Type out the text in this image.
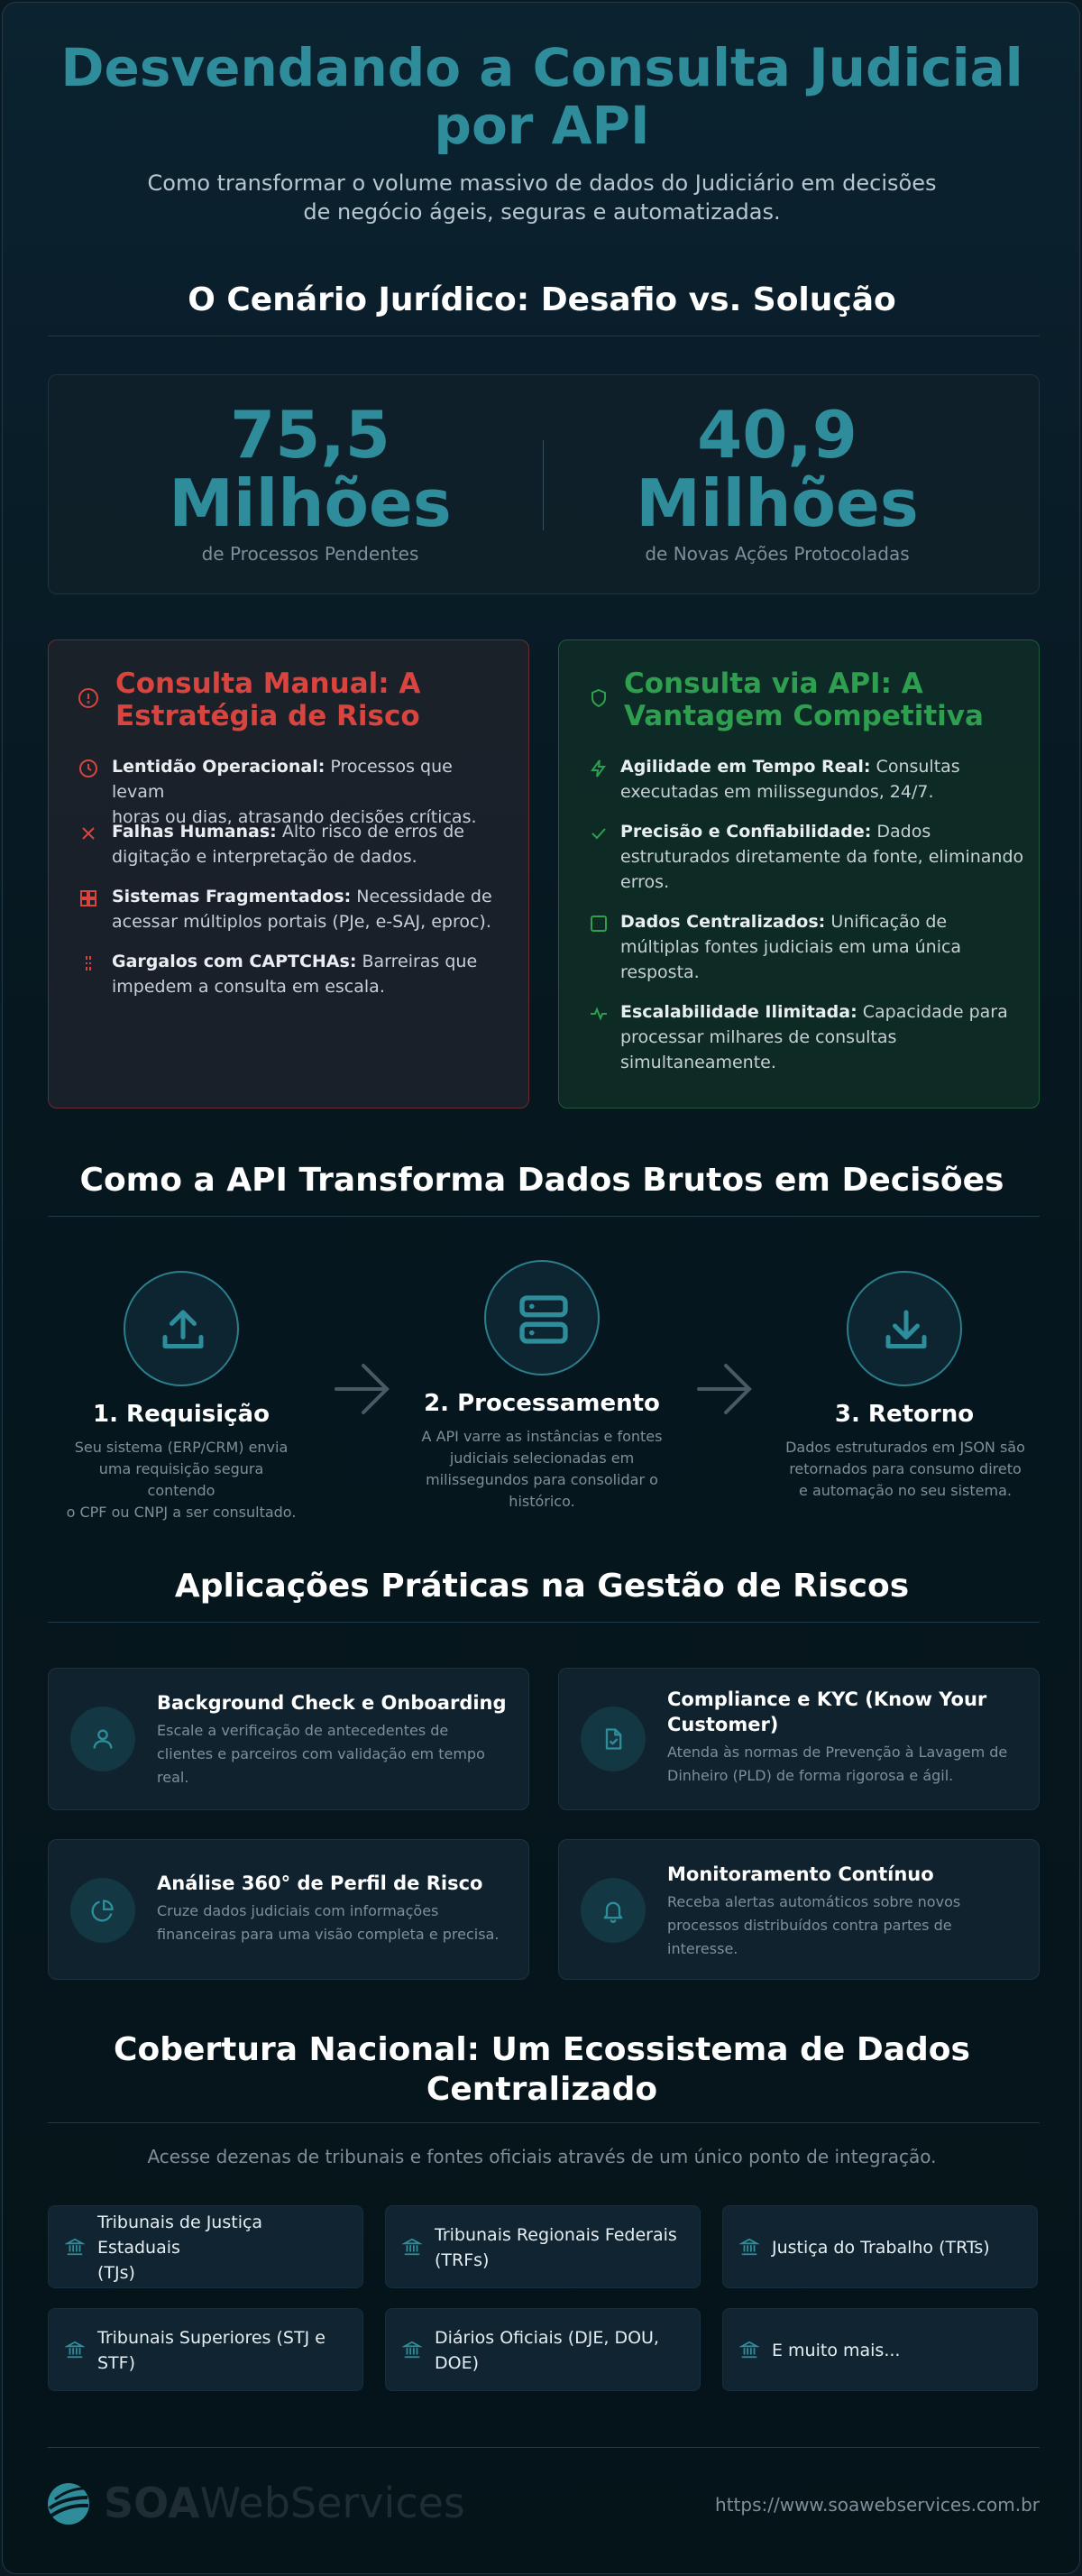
Desvendando a Consulta Judicial
por API
Como transformar o volume massivo de dados do Judiciário em decisões
de negócio ágeis, seguras e automatizadas.
O Cenário Jurídico: Desafio vs. Solução
75,5
Milhões
de Processos Pendentes
40,9
Milhões
de Novas Ações Protocoladas
Consulta Manual: A
Estratégia de Risco
Lentidão Operacional: Processos que levam
horas ou dias, atrasando decisões críticas.
Falhas Humanas: Alto risco de erros de
digitação e interpretação de dados.
Sistemas Fragmentados: Necessidade de
acessar múltiplos portais (PJe, e-SAJ, eproc).
Gargalos com CAPTCHAs: Barreiras que
impedem a consulta em escala.
Consulta via API: A
Vantagem Competitiva
Agilidade em Tempo Real: Consultas
executadas em milissegundos, 24/7.
Precisão e Confiabilidade: Dados
estruturados diretamente da fonte, eliminando
erros.
Dados Centralizados: Unificação de
múltiplas fontes judiciais em uma única
resposta.
Escalabilidade Ilimitada: Capacidade para
processar milhares de consultas
simultaneamente.
Como a API Transforma Dados Brutos em Decisões
1. Requisição
Seu sistema (ERP/CRM) envia
uma requisição segura contendo
o CPF ou CNPJ a ser consultado.
2. Processamento
A API varre as instâncias e fontes
judiciais selecionadas em
milissegundos para consolidar o
histórico.
3. Retorno
Dados estruturados em JSON são
retornados para consumo direto
e automação no seu sistema.
Aplicações Práticas na Gestão de Riscos
Background Check e Onboarding
Escale a verificação de antecedentes de
clientes e parceiros com validação em tempo
real.
Compliance e KYC (Know Your
Customer)
Atenda às normas de Prevenção à Lavagem de
Dinheiro (PLD) de forma rigorosa e ágil.
Análise 360° de Perfil de Risco
Cruze dados judiciais com informações
financeiras para uma visão completa e precisa.
Monitoramento Contínuo
Receba alertas automáticos sobre novos
processos distribuídos contra partes de
interesse.
Cobertura Nacional: Um Ecossistema de Dados
Centralizado
Acesse dezenas de tribunais e fontes oficiais através de um único ponto de integração.
Tribunais de Justiça Estaduais
(TJs)
Tribunais Regionais Federais
(TRFs)
Justiça do Trabalho (TRTs)
Tribunais Superiores (STJ e
STF)
Diários Oficiais (DJE, DOU,
DOE)
E muito mais...
SOAWebServices	https://www.soawebservices.com.br
